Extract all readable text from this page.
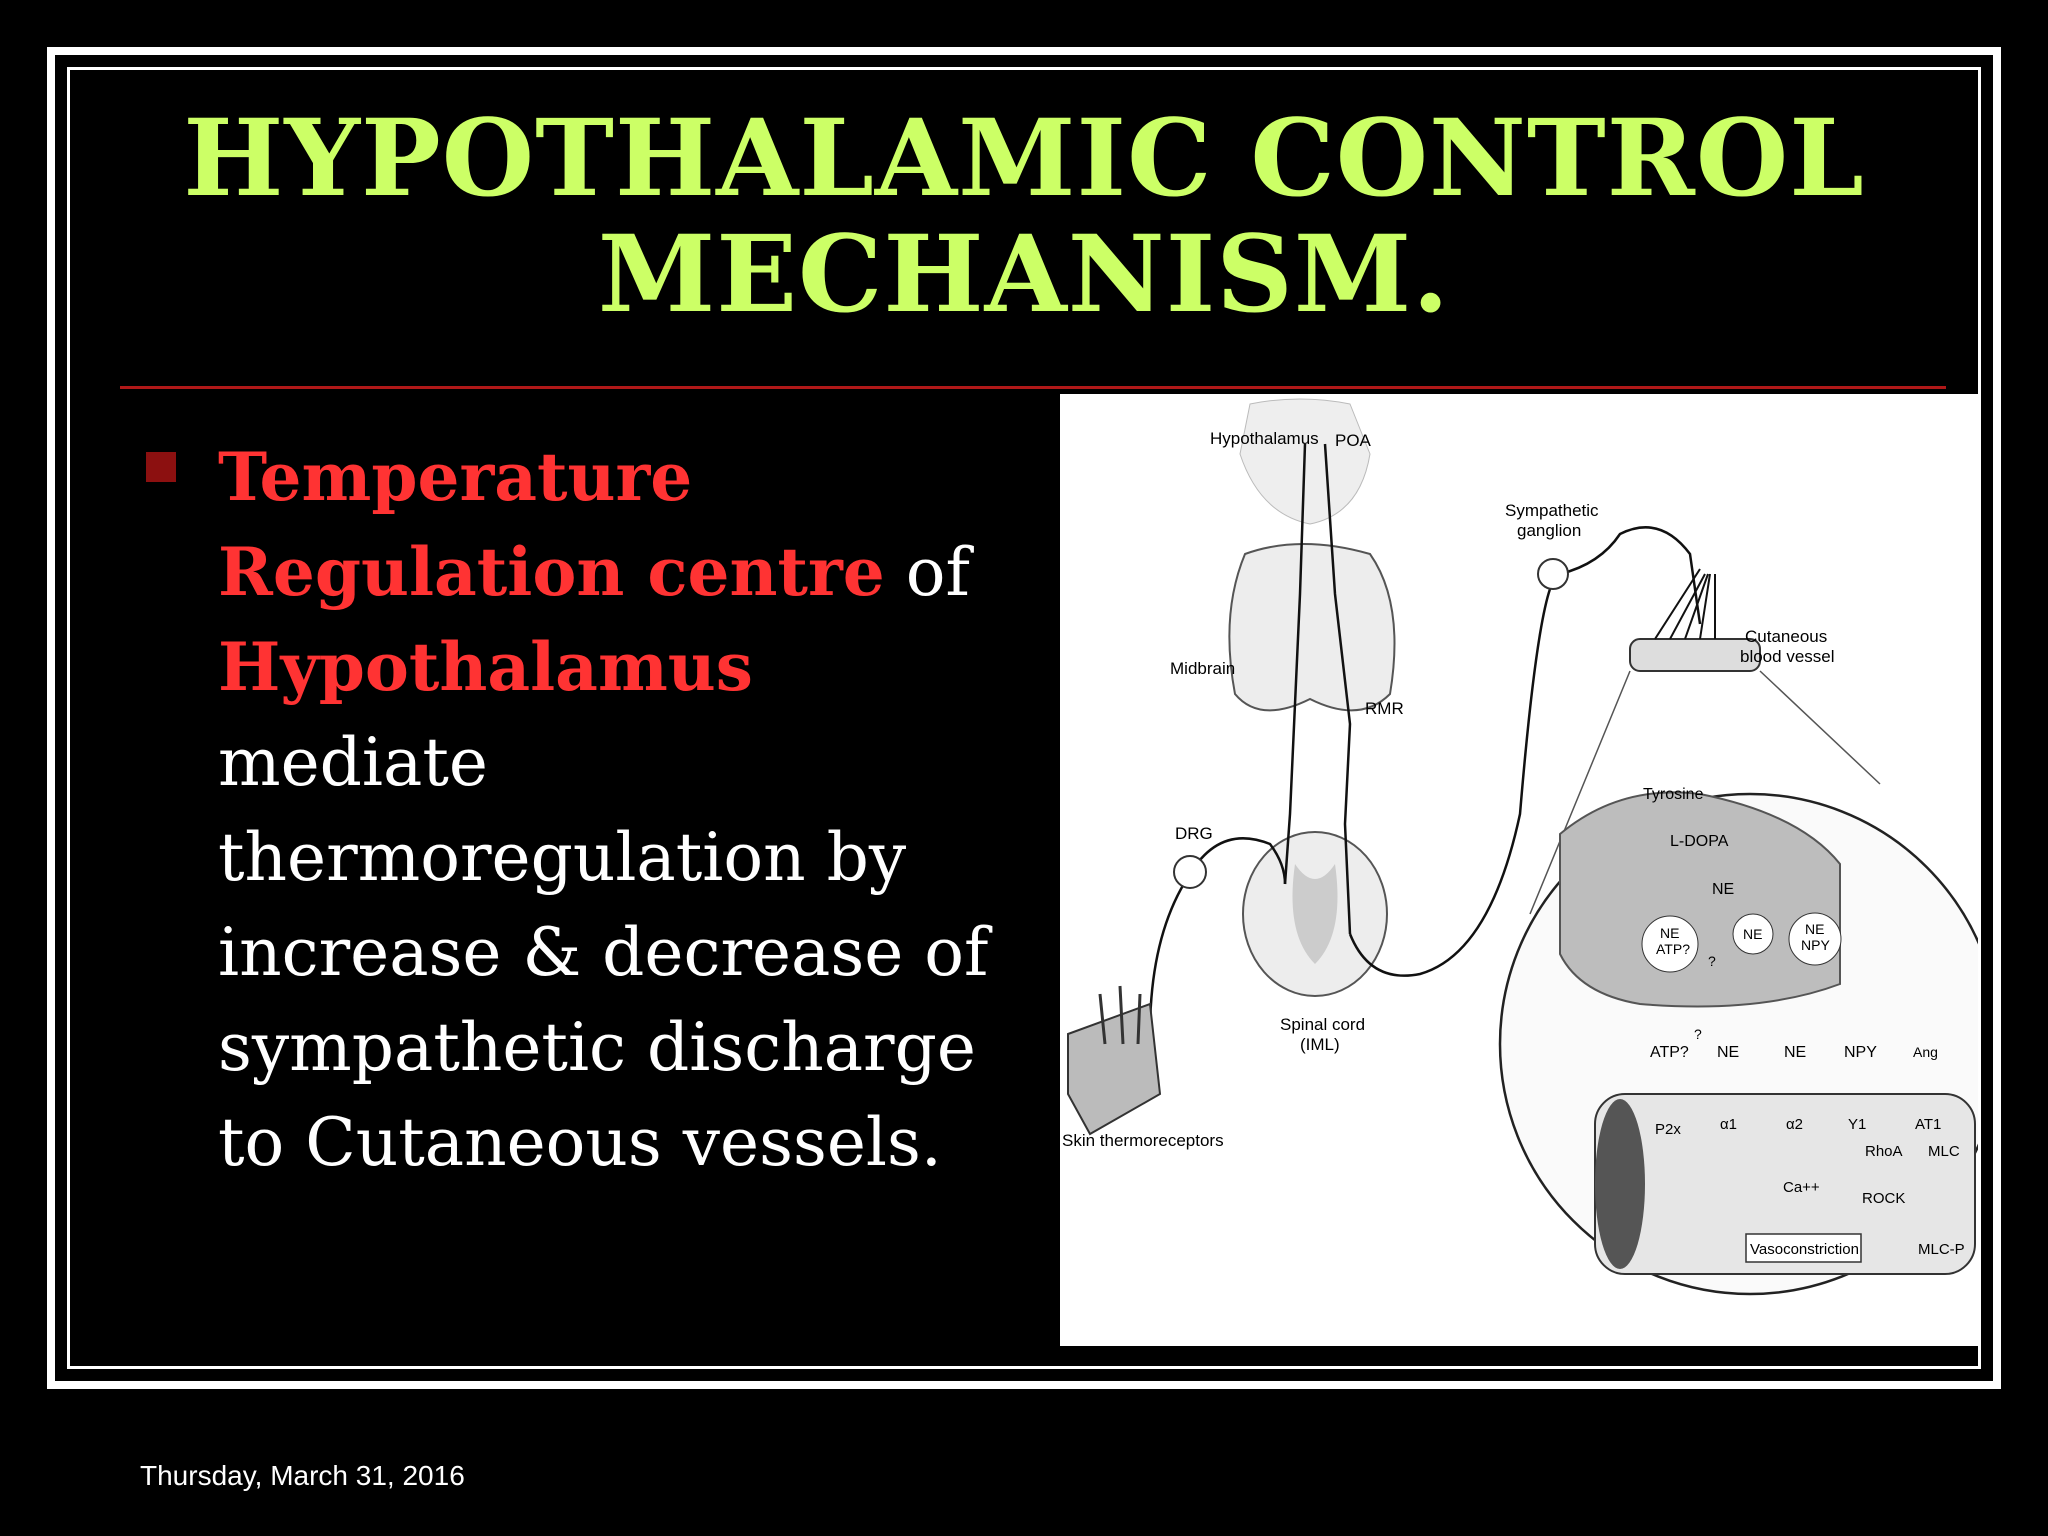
HYPOTHALAMIC CONTROL
MECHANISM.
Temperature
Regulation centre of
Hypothalamus
mediate thermoregulation by increase & decrease of sympathetic discharge to Cutaneous vessels.
Hypothalamus POA
Midbrain
RMR
DRG
Spinal cord
(IML)
Skin thermoreceptors
Sympathetic
ganglion
Cutaneous
blood vessel
Tyrosine
L-DOPA
NE
NE
ATP?
?
NE	NE
NPY
ATP?
?
NE	NE NPY	Ang
P2x	α1	α2	Y1	AT1
RhoA MLC
Ca++
ROCK
Vasoconstriction	MLC-P
Thursday, March 31, 2016
